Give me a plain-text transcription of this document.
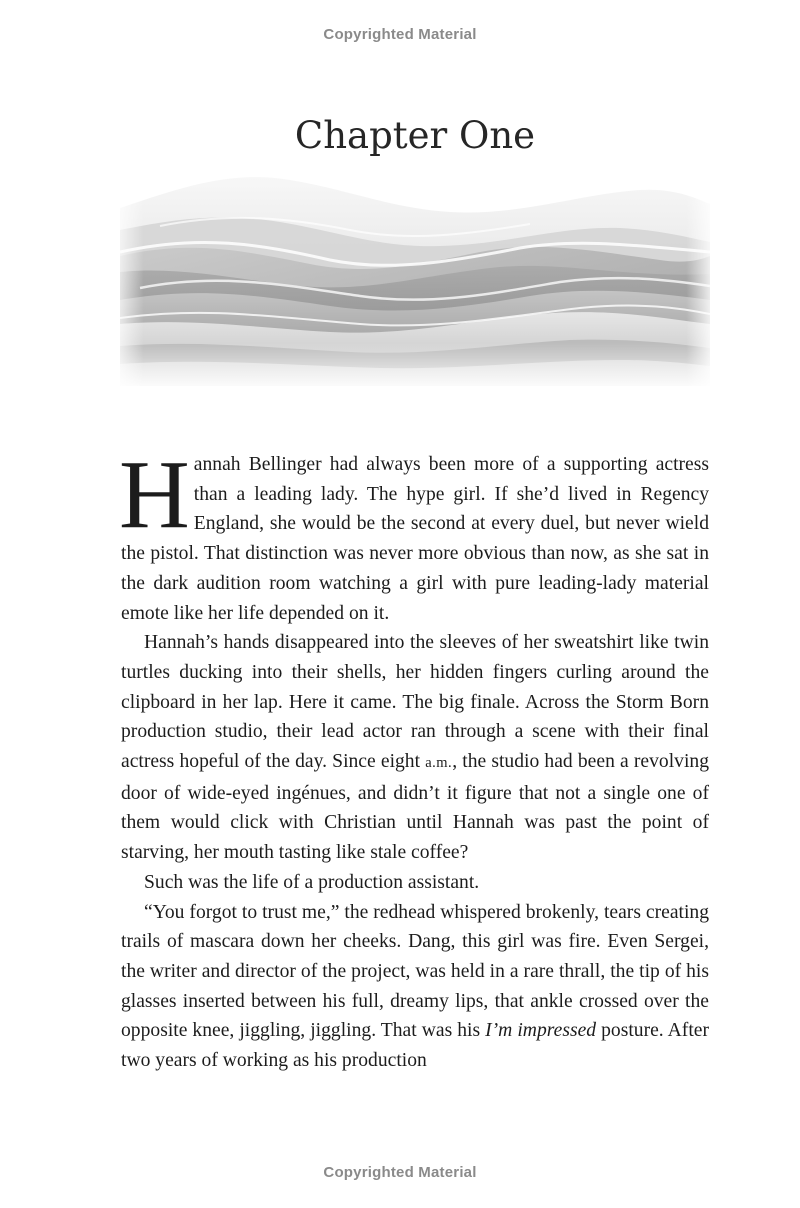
Copyrighted Material
Chapter One

Hannah Bellinger had always been more of a supporting actress than a leading lady. The hype girl. If she’d lived in Regency England, she would be the second at every duel, but never wield the pistol. That distinction was never more obvious than now, as she sat in the dark audition room watching a girl with pure leading-lady material emote like her life depended on it.

Hannah’s hands disappeared into the sleeves of her sweatshirt like twin turtles ducking into their shells, her hidden fingers curling around the clipboard in her lap. Here it came. The big finale. Across the Storm Born production studio, their lead actor ran through a scene with their final actress hopeful of the day. Since eight a.m., the studio had been a revolving door of wide-eyed ingénues, and didn’t it figure that not a single one of them would click with Christian until Hannah was past the point of starving, her mouth tasting like stale coffee?

Such was the life of a production assistant.

“You forgot to trust me,” the redhead whispered brokenly, tears creating trails of mascara down her cheeks. Dang, this girl was fire. Even Sergei, the writer and director of the project, was held in a rare thrall, the tip of his glasses inserted between his full, dreamy lips, that ankle crossed over the opposite knee, jiggling, jiggling. That was his I’m impressed posture. After two years of working as his production

Copyrighted Material
